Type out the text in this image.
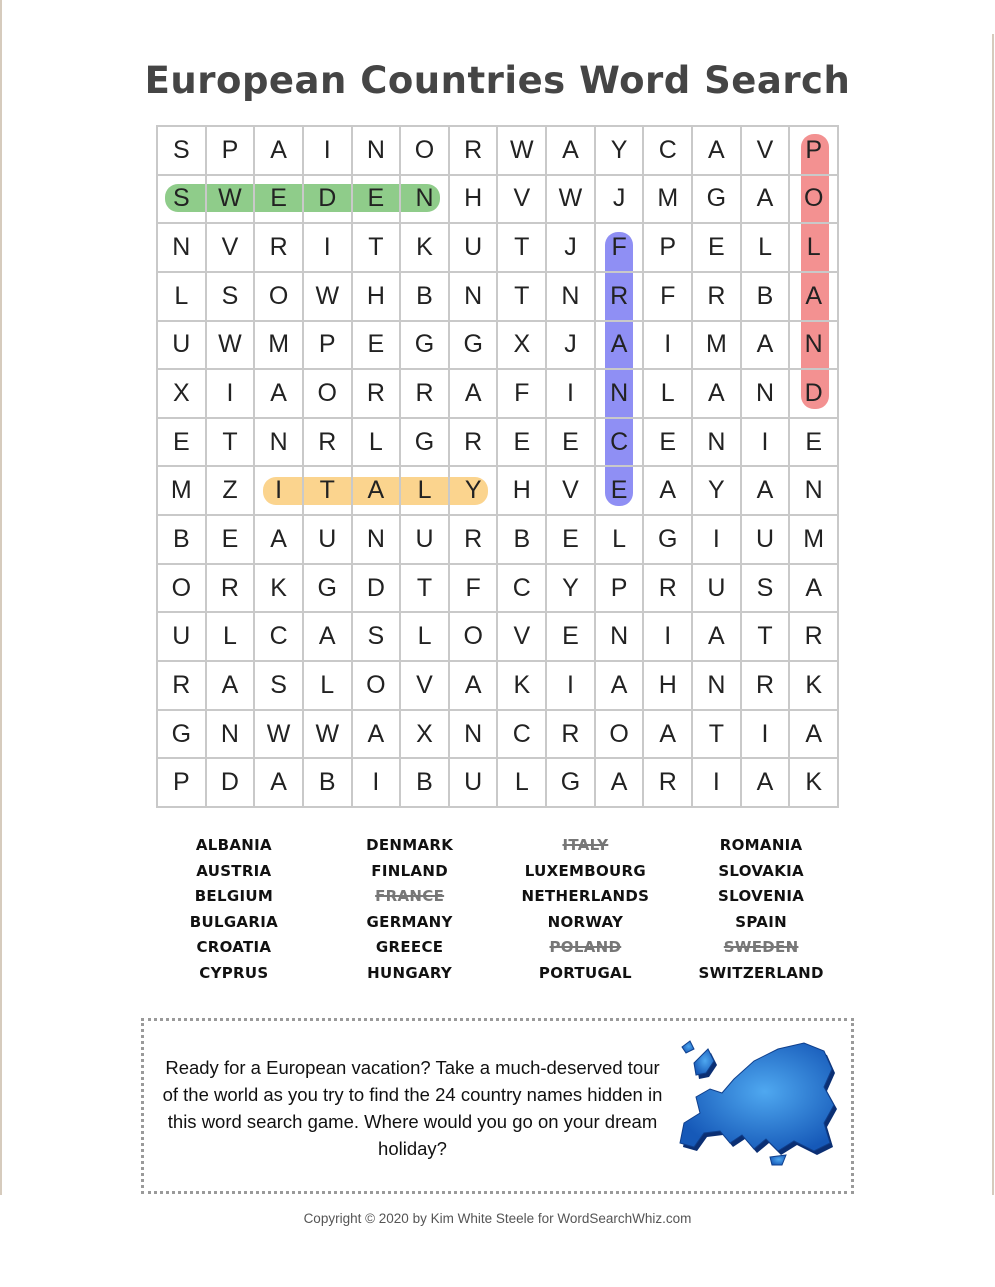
European Countries Word Search
S	P	A	I	N	O	R	W	A	Y	C	A	V	P
S	W	E	D	E	N	H	V	W	J	M	G	A	O
N	V	R	I	T	K	U	T	J	F	P	E	L	L
L	S	O	W	H	B	N	T	N	R	F	R	B	A
U	W	M	P	E	G	G	X	J	A	I	M	A	N
X	I	A	O	R	R	A	F	I	N	L	A	N	D
E	T	N	R	L	G	R	E	E	C	E	N	I	E
M	Z	I	T	A	L	Y	H	V	E	A	Y	A	N
B	E	A	U	N	U	R	B	E	L	G	I	U	M
O	R	K	G	D	T	F	C	Y	P	R	U	S	A
U	L	C	A	S	L	O	V	E	N	I	A	T	R
R	A	S	L	O	V	A	K	I	A	H	N	R	K
G	N	W	W	A	X	N	C	R	O	A	T	I	A
P	D	A	B	I	B	U	L	G	A	R	I	A	K
ALBANIA
AUSTRIA
BELGIUM
BULGARIA
CROATIA
CYPRUS
DENMARK
FINLAND
FRANCE
GERMANY
GREECE
HUNGARY
ITALY
LUXEMBOURG
NETHERLANDS
NORWAY
POLAND
PORTUGAL
ROMANIA
SLOVAKIA
SLOVENIA
SPAIN
SWEDEN
SWITZERLAND
Ready for a European vacation? Take a much-deserved tour of the world as you try to find the 24 country names hidden in this word search game. Where would you go on your dream holiday?
Copyright © 2020 by Kim White Steele for WordSearchWhiz.com
